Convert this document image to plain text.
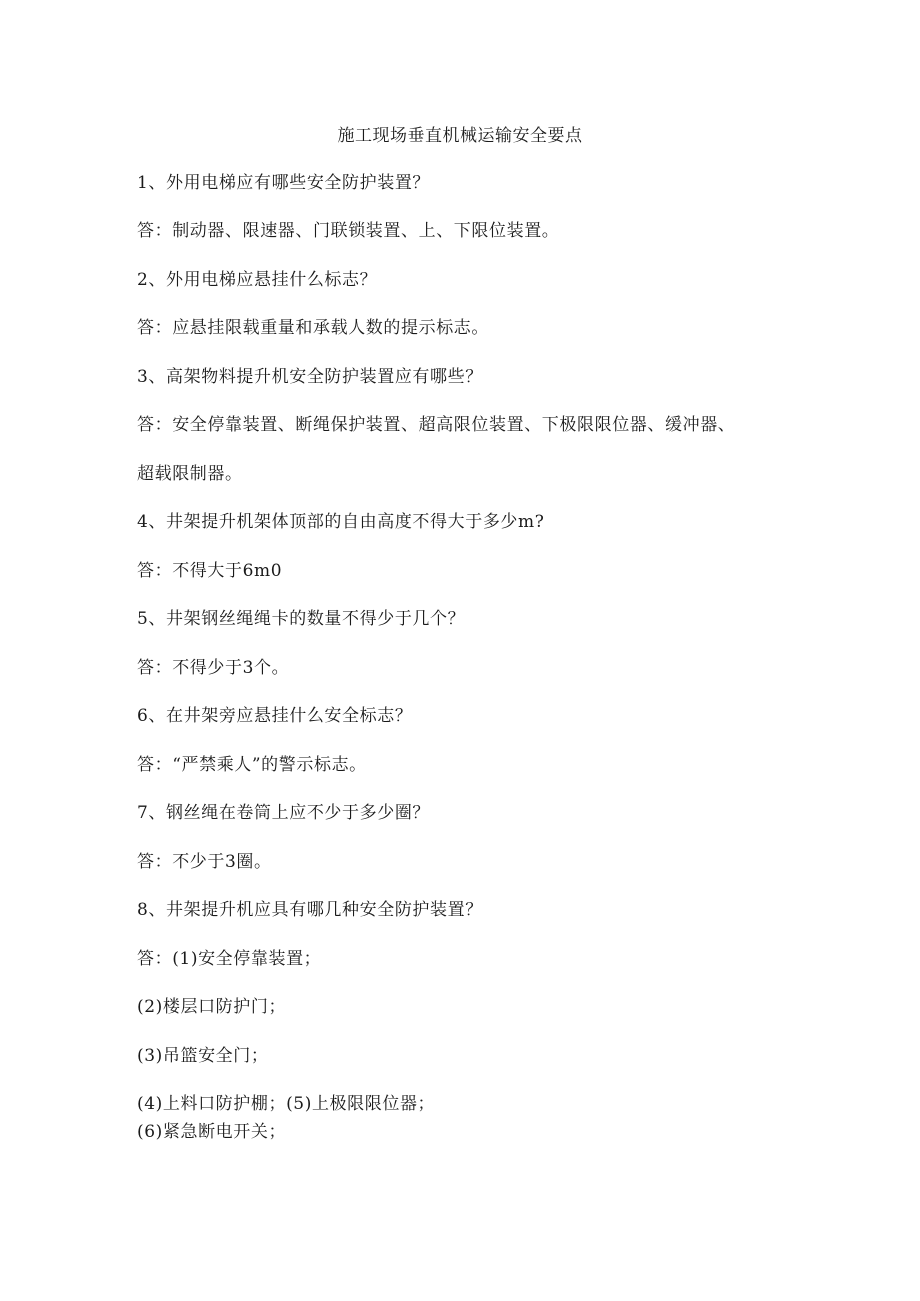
施工现场垂直机械运输安全要点
1、外用电梯应有哪些安全防护装置？
答：制动器、限速器、门联锁装置、上、下限位装置。
2、外用电梯应悬挂什么标志？
答：应悬挂限载重量和承载人数的提示标志。
3、高架物料提升机安全防护装置应有哪些？
答：安全停靠装置、断绳保护装置、超高限位装置、下极限限位器、缓冲器、
超载限制器。
4、井架提升机架体顶部的自由高度不得大于多少m?
答：不得大于6m0
5、井架钢丝绳绳卡的数量不得少于几个？
答：不得少于3个。
6、在井架旁应悬挂什么安全标志？
答：“严禁乘人”的警示标志。
7、钢丝绳在卷筒上应不少于多少圈？
答：不少于3圈。
8、井架提升机应具有哪几种安全防护装置？
答：(1)安全停靠装置；
(2)楼层口防护门；
(3)吊篮安全门；
(4)上料口防护棚；(5)上极限限位器；
(6)紧急断电开关；
